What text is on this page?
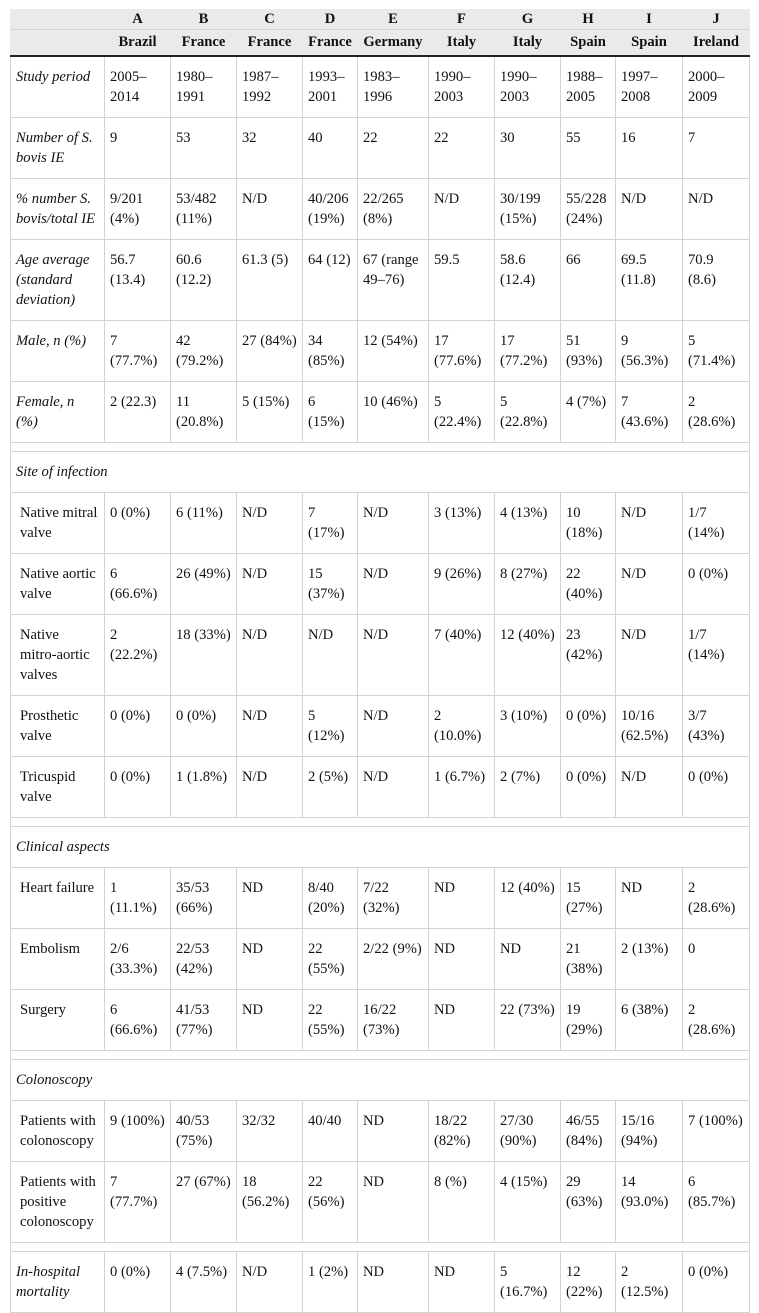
	A	B	C	D	E	F	G	H	I	J
	Brazil	France	France	France	Germany	Italy	Italy	Spain	Spain	Ireland
Study period	2005–2014	1980–1991	1987–1992	1993–2001	1983–1996	1990–2003	1990–2003	1988–2005	1997–2008	2000–2009
Number of S. bovis IE	9	53	32	40	22	22	30	55	16	7
% number S. bovis/total IE	9/201 (4%)	53/482 (11%)	N/D	40/206 (19%)	22/265 (8%)	N/D	30/199 (15%)	55/228 (24%)	N/D	N/D
Age average (standard deviation)	56.7 (13.4)	60.6 (12.2)	61.3 (5)	64 (12)	67 (range 49–76)	59.5	58.6 (12.4)	66	69.5 (11.8)	70.9 (8.6)
Male, n (%)	7 (77.7%)	42 (79.2%)	27 (84%)	34 (85%)	12 (54%)	17 (77.6%)	17 (77.2%)	51 (93%)	9 (56.3%)	5 (71.4%)
Female, n (%)	2 (22.3)	11 (20.8%)	5 (15%)	6 (15%)	10 (46%)	5 (22.4%)	5 (22.8%)	4 (7%)	7 (43.6%)	2 (28.6%)

Site of infection										
Native mitral valve	0 (0%)	6 (11%)	N/D	7 (17%)	N/D	3 (13%)	4 (13%)	10 (18%)	N/D	1/7 (14%)
Native aortic valve	6 (66.6%)	26 (49%)	N/D	15 (37%)	N/D	9 (26%)	8 (27%)	22 (40%)	N/D	0 (0%)
Native mitro-aortic valves	2 (22.2%)	18 (33%)	N/D	N/D	N/D	7 (40%)	12 (40%)	23 (42%)	N/D	1/7 (14%)
Prosthetic valve	0 (0%)	0 (0%)	N/D	5 (12%)	N/D	2 (10.0%)	3 (10%)	0 (0%)	10/16 (62.5%)	3/7 (43%)
Tricuspid valve	0 (0%)	1 (1.8%)	N/D	2 (5%)	N/D	1 (6.7%)	2 (7%)	0 (0%)	N/D	0 (0%)

Clinical aspects										
Heart failure	1 (11.1%)	35/53 (66%)	ND	8/40 (20%)	7/22 (32%)	ND	12 (40%)	15 (27%)	ND	2 (28.6%)
Embolism	2/6 (33.3%)	22/53 (42%)	ND	22 (55%)	2/22 (9%)	ND	ND	21 (38%)	2 (13%)	0
Surgery	6 (66.6%)	41/53 (77%)	ND	22 (55%)	16/22 (73%)	ND	22 (73%)	19 (29%)	6 (38%)	2 (28.6%)

Colonoscopy										
Patients with colonoscopy	9 (100%)	40/53 (75%)	32/32	40/40	ND	18/22 (82%)	27/30 (90%)	46/55 (84%)	15/16 (94%)	7 (100%)
Patients with positive colonoscopy	7 (77.7%)	27 (67%)	18 (56.2%)	22 (56%)	ND	8 (%)	4 (15%)	29 (63%)	14 (93.0%)	6 (85.7%)

In-hospital mortality	0 (0%)	4 (7.5%)	N/D	1 (2%)	ND	ND	5 (16.7%)	12 (22%)	2 (12.5%)	0 (0%)
